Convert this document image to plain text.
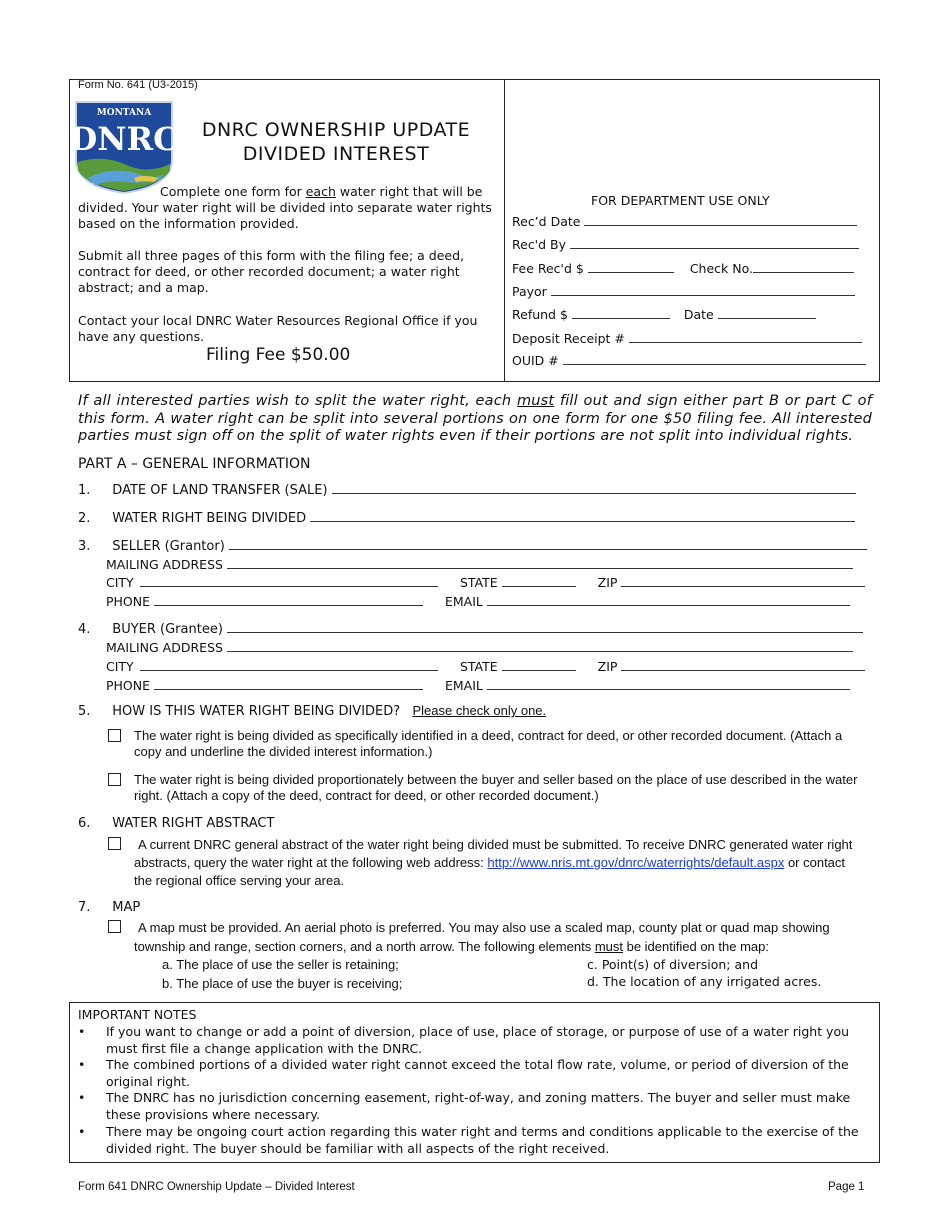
Form No. 641 (U3-2015)
MONTANA
DNRC	DNRC OWNERSHIP UPDATE
DIVIDED INTEREST
Complete one form for each water right that will be divided. Your water right will be divided into separate water rights based on the information provided.
Submit all three pages of this form with the filing fee; a deed, contract for deed, or other recorded document; a water right abstract; and a map.
Contact your local DNRC Water Resources Regional Office if you have any questions.
Filing Fee $50.00
FOR DEPARTMENT USE ONLY
Rec’d Date
Rec'd By
Fee Rec'd $	Check No.
Payor
Refund $	Date
Deposit Receipt #
OUID #
If all interested parties wish to split the water right, each must fill out and sign either part B or part C of this form. A water right can be split into several portions on one form for one $50 filing fee. All interested parties must sign off on the split of water rights even if their portions are not split into individual rights.
PART A – GENERAL INFORMATION
1. DATE OF LAND TRANSFER (SALE)
2. WATER RIGHT BEING DIVIDED
3. SELLER (Grantor)
MAILING ADDRESS
CITY	STATE	ZIP
PHONE	EMAIL
4. BUYER (Grantee)
MAILING ADDRESS
CITY	STATE	ZIP
PHONE	EMAIL
5. HOW IS THIS WATER RIGHT BEING DIVIDED? Please check only one.
The water right is being divided as specifically identified in a deed, contract for deed, or other recorded document. (Attach a copy and underline the divided interest information.)
The water right is being divided proportionately between the buyer and seller based on the place of use described in the water right. (Attach a copy of the deed, contract for deed, or other recorded document.)
6. WATER RIGHT ABSTRACT
A current DNRC general abstract of the water right being divided must be submitted. To receive DNRC generated water right abstracts, query the water right at the following web address: http://www.nris.mt.gov/dnrc/waterrights/default.aspx or contact the regional office serving your area.
7. MAP
A map must be provided. An aerial photo is preferred. You may also use a scaled map, county plat or quad map showing township and range, section corners, and a north arrow. The following elements must be identified on the map:
a. The place of use the seller is retaining;
b. The place of use the buyer is receiving;
c. Point(s) of diversion; and
d. The location of any irrigated acres.
IMPORTANT NOTES
• If you want to change or add a point of diversion, place of use, place of storage, or purpose of use of a water right you must first file a change application with the DNRC.
• The combined portions of a divided water right cannot exceed the total flow rate, volume, or period of diversion of the original right.
• The DNRC has no jurisdiction concerning easement, right-of-way, and zoning matters. The buyer and seller must make these provisions where necessary.
• There may be ongoing court action regarding this water right and terms and conditions applicable to the exercise of the divided right. The buyer should be familiar with all aspects of the right received.
Form 641 DNRC Ownership Update – Divided Interest	Page 1
